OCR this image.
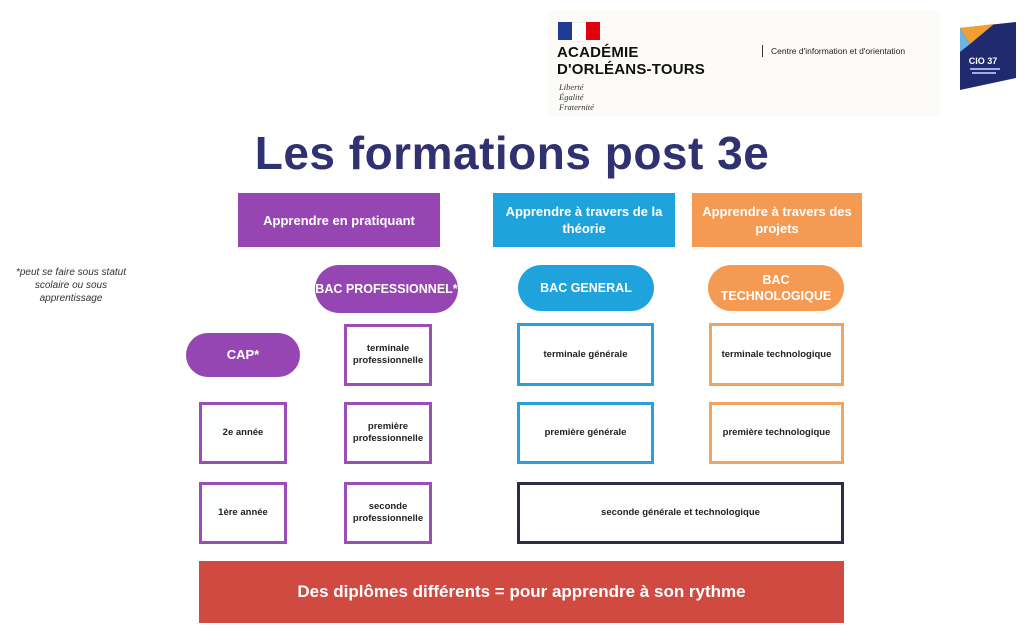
ACADÉMIE
D'ORLÉANS-TOURS
Liberté
Égalité
Fraternité
Centre d'information et d'orientation
CIO 37
Les formations post 3e
Apprendre en pratiquant
Apprendre à travers de la théorie
Apprendre à travers des projets
*peut se faire sous statut scolaire ou sous apprentissage
BAC PROFESSIONNEL*	BAC GENERAL
BAC TECHNOLOGIQUE
CAP*	terminale professionnelle
terminale générale	terminale technologique
2e année
première professionnelle
première générale	première technologique
1ère année
seconde professionnelle
seconde générale et technologique
Des diplômes différents = pour apprendre à son rythme
